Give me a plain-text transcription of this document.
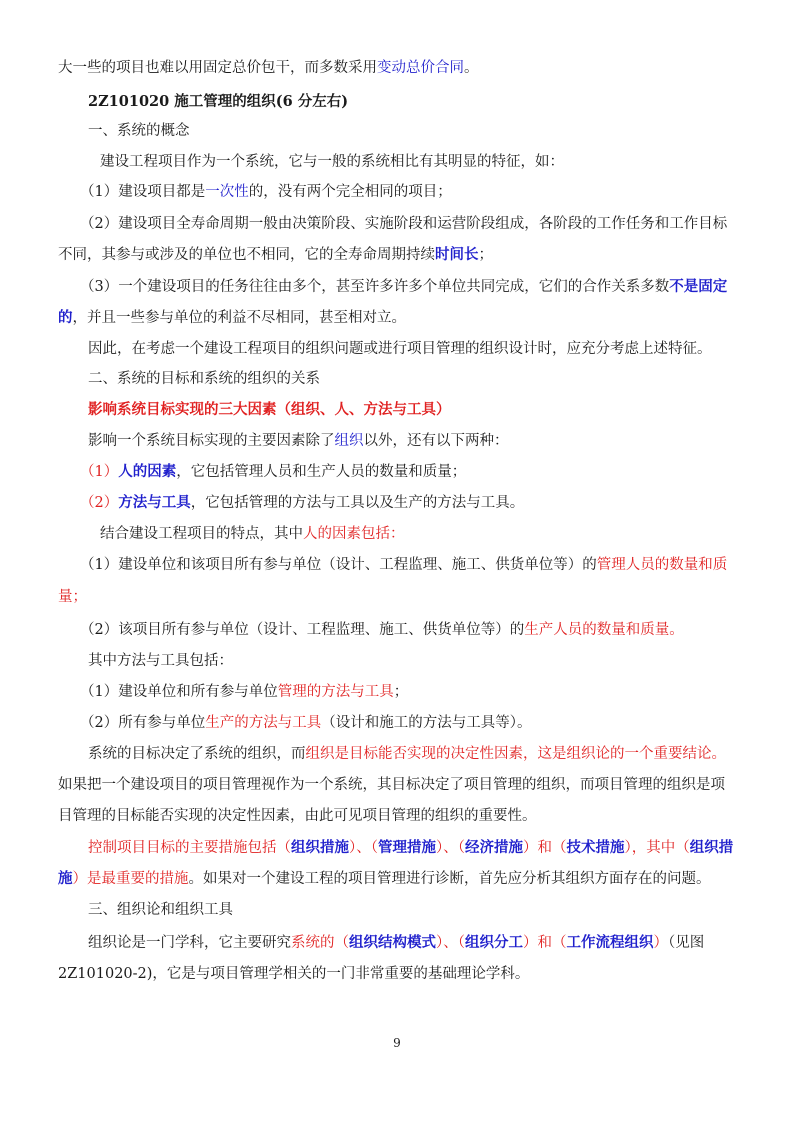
大一些的项目也难以用固定总价包干，而多数采用变动总价合同。
2Z101020 施工管理的组织(6 分左右)
一、系统的概念
建设工程项目作为一个系统，它与一般的系统相比有其明显的特征，如：
（1）建设项目都是一次性的，没有两个完全相同的项目；
（2）建设项目全寿命周期一般由决策阶段、实施阶段和运营阶段组成，各阶段的工作任务和工作目标
不同，其参与或涉及的单位也不相同，它的全寿命周期持续时间长；
（3）一个建设项目的任务往往由多个，甚至许多许多个单位共同完成，它们的合作关系多数不是固定
的，并且一些参与单位的利益不尽相同，甚至相对立。
因此，在考虑一个建设工程项目的组织问题或进行项目管理的组织设计时，应充分考虑上述特征。
二、系统的目标和系统的组织的关系
影响系统目标实现的三大因素（组织、人、方法与工具）
影响一个系统目标实现的主要因素除了组织以外，还有以下两种：
（1）人的因素，它包括管理人员和生产人员的数量和质量；
（2）方法与工具，它包括管理的方法与工具以及生产的方法与工具。
结合建设工程项目的特点，其中人的因素包括：
（1）建设单位和该项目所有参与单位（设计、工程监理、施工、供货单位等）的管理人员的数量和质
量；
（2）该项目所有参与单位（设计、工程监理、施工、供货单位等）的生产人员的数量和质量。
其中方法与工具包括：
（1）建设单位和所有参与单位管理的方法与工具；
（2）所有参与单位生产的方法与工具（设计和施工的方法与工具等）。
系统的目标决定了系统的组织，而组织是目标能否实现的决定性因素，这是组织论的一个重要结论。
如果把一个建设项目的项目管理视作为一个系统，其目标决定了项目管理的组织，而项目管理的组织是项
目管理的目标能否实现的决定性因素，由此可见项目管理的组织的重要性。
控制项目目标的主要措施包括（组织措施）、（管理措施）、（经济措施）和（技术措施），其中（组织措
施）是最重要的措施。如果对一个建设工程的项目管理进行诊断，首先应分析其组织方面存在的问题。
三、组织论和组织工具
组织论是一门学科，它主要研究系统的（组织结构模式）、（组织分工）和（工作流程组织）（见图
2Z101020-2)，它是与项目管理学相关的一门非常重要的基础理论学科。
9
